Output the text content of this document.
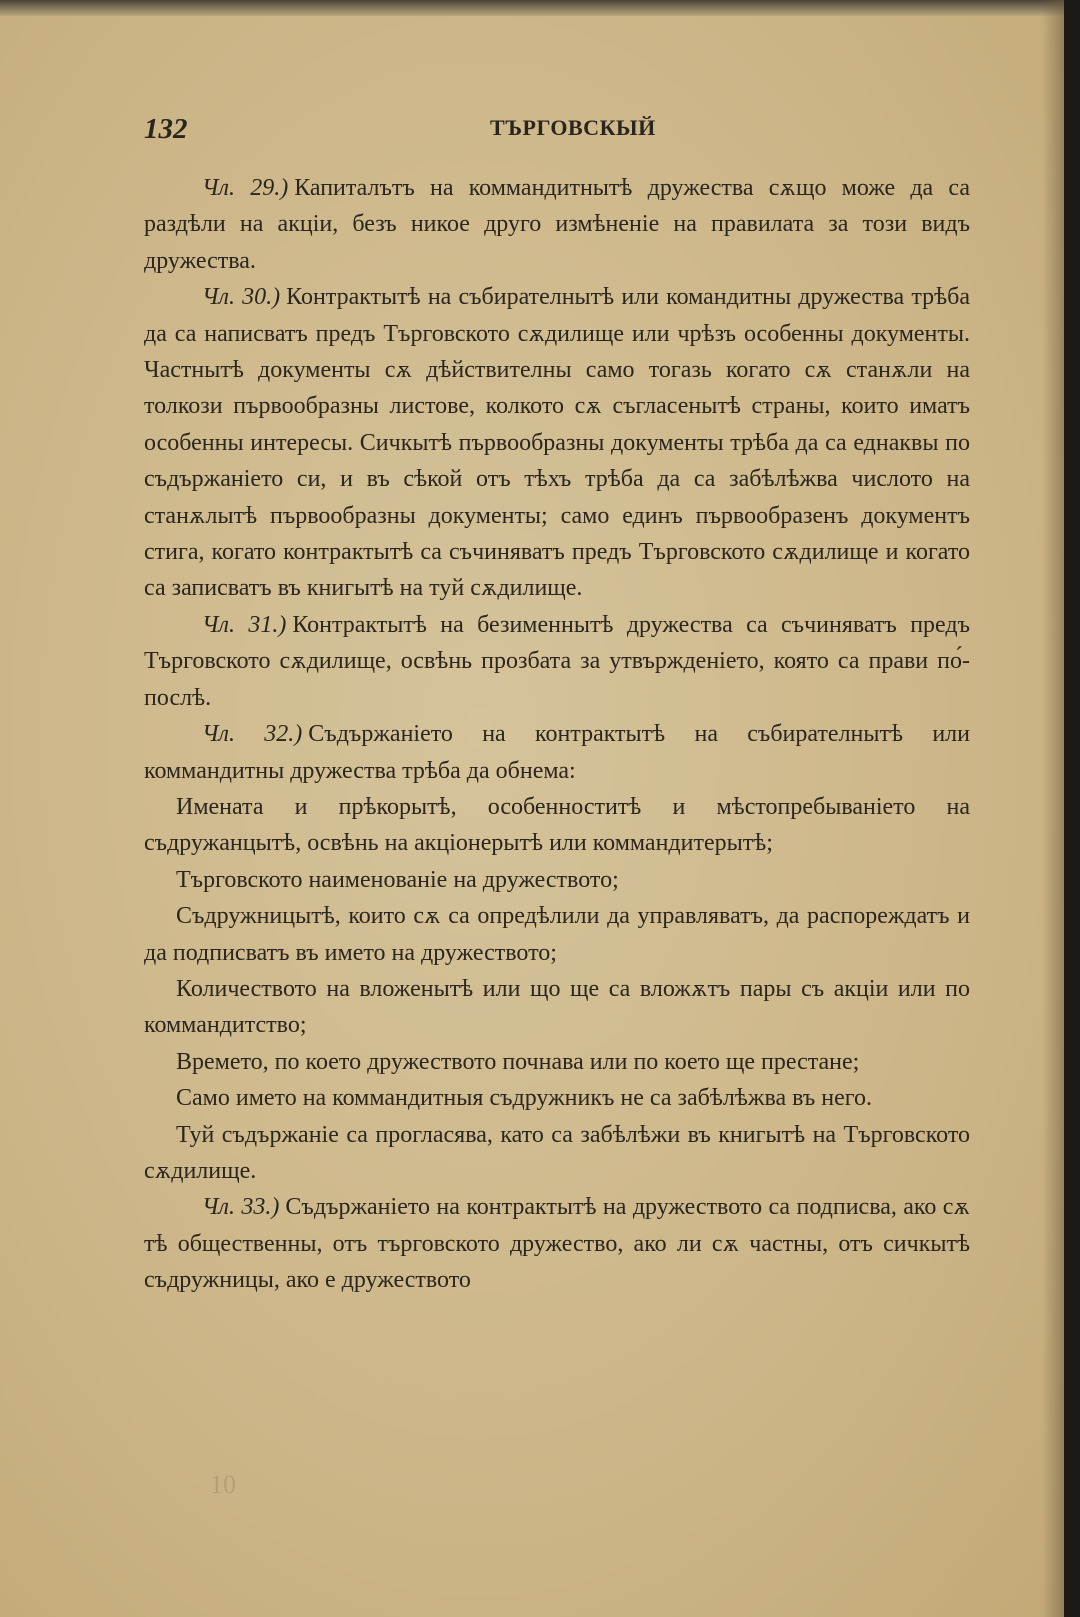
132	ТЪРГОВСКЫЙ

Чл. 29.) Капиталътъ на коммандитнытѣ дружества сѫщо може да са раздѣли на акціи, безъ никое друго измѣненіе на правилата за този видъ дружества.

Чл. 30.) Контрактытѣ на събирателнытѣ или командитны дружества трѣба да са написватъ предъ Търговското сѫдилище или чрѣзъ особенны документы. Частнытѣ документы сѫ дѣйствителны само тогазь когато сѫ станѫли на толкози първообразны листове, колкото сѫ съгласенытѣ страны, които иматъ особенны интересы. Сичкытѣ първообразны документы трѣба да са еднаквы по съдържаніето си, и въ сѣкой отъ тѣхъ трѣба да са забѣлѣжва числото на станѫлытѣ първообразны документы; само единъ първообразенъ документъ стига, когато контрактытѣ са съчиняватъ предъ Търговското сѫдилище и когато са записватъ въ книгытѣ на туй сѫдилище.

Чл. 31.) Контрактытѣ на безименнытѣ дружества са съчиняватъ предъ Търговското сѫдилище, освѣнь прозбата за утвържденіето, която са прави по́-послѣ.

Чл. 32.) Съдържаніето на контрактытѣ на събирателнытѣ или коммандитны дружества трѣба да обнема:

Имената и прѣкорытѣ, особенноститѣ и мѣстопребываніето на съдружанцытѣ, освѣнь на акціонерытѣ или коммандитерытѣ;

Търговското наименованіе на дружеството;

Съдружницытѣ, които сѫ са опредѣлили да управляватъ, да распореждатъ и да подписватъ въ името на дружеството;

Количеството на вложенытѣ или що ще са вложѫтъ пары съ акціи или по коммандитство;

Времето, по което дружеството почнава или по което ще престане;

Само името на коммандитныя съдружникъ не са забѣлѣжва въ него.

Туй съдържаніе са прогласява, като са забѣлѣжи въ книгытѣ на Търговското сѫдилище.

Чл. 33.) Съдържаніето на контрактытѣ на дружеството са подписва, ако сѫ тѣ общественны, отъ търговското дружество, ако ли сѫ частны, отъ сичкытѣ съдружницы, ако е дружеството

10
